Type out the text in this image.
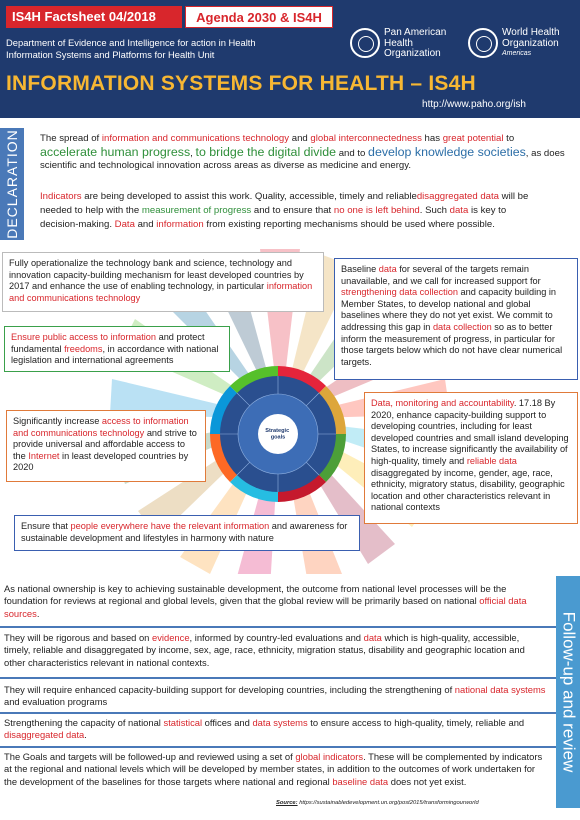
IS4H Factsheet 04/2018	Agenda 2030 & IS4H
Department of Evidence and Intelligence for action in Health
Information Systems and Platforms for Health Unit
Pan American
Health
Organization
World Health
Organization
Americas
INFORMATION SYSTEMS FOR HEALTH – IS4H
http://www.paho.org/ish
DECLARATION The spread of information and communications technology and global interconnectedness has great potential to
accelerate human progress, to bridge the digital divide and to develop knowledge societies, as does
scientific and technological innovation across areas as diverse as medicine and energy.
Indicators are being developed to assist this work. Quality, accessible, timely and reliabledisaggregated data will be
needed to help with the measurement of progress and to ensure that no one is left behind. Such data is key to
decision-making. Data and information from existing reporting mechanisms should be used where possible.
Fully operationalize the technology bank and science, technology and innovation capacity-building mechanism for least developed countries by 2017 and enhance the use of enabling technology, in particular information and communications technology
Baseline data for several of the targets remain unavailable, and we call for increased support for strengthening data collection and capacity building in Member States, to develop national and global baselines where they do not yet exist. We commit to addressing this gap in data collection so as to better inform the measurement of progress, in particular for those targets below which do not have clear numerical targets.
Ensure public access to information and protect fundamental freedoms, in accordance with national legislation and international agreements
Strategic goals
Data, monitoring and accountability. 17.18 By 2020, enhance capacity-building support to developing countries, including for least developed countries and small island developing States, to increase significantly the availability of high-quality, timely and reliable data disaggregated by income, gender, age, race, ethnicity, migratory status, disability, geographic location and other characteristics relevant in national contexts
Significantly increase access to information and communications technology and strive to provide universal and affordable access to the Internet in least developed countries by 2020
Ensure that people everywhere have the relevant information and awareness for sustainable development and lifestyles in harmony with nature
Follow-up and review
As national ownership is key to achieving sustainable development, the outcome from national level processes will be the foundation for reviews at regional and global levels, given that the global review will be primarily based on national official data sources.
They will be rigorous and based on evidence, informed by country-led evaluations and data which is high-quality, accessible, timely, reliable and disaggregated by income, sex, age, race, ethnicity, migration status, disability and geographic location and other characteristics relevant in national contexts.
They will require enhanced capacity-building support for developing countries, including the strengthening of national data systems and evaluation programs
Strengthening the capacity of national statistical offices and data systems to ensure access to high-quality, timely, reliable and disaggregated data.
The Goals and targets will be followed-up and reviewed using a set of global indicators. These will be complemented by indicators at the regional and national levels which will be developed by member states, in addition to the outcomes of work undertaken for the development of the baselines for those targets where national and regional baseline data does not yet exist.
Source: https://sustainabledevelopment.un.org/post2015/transformingourworld
